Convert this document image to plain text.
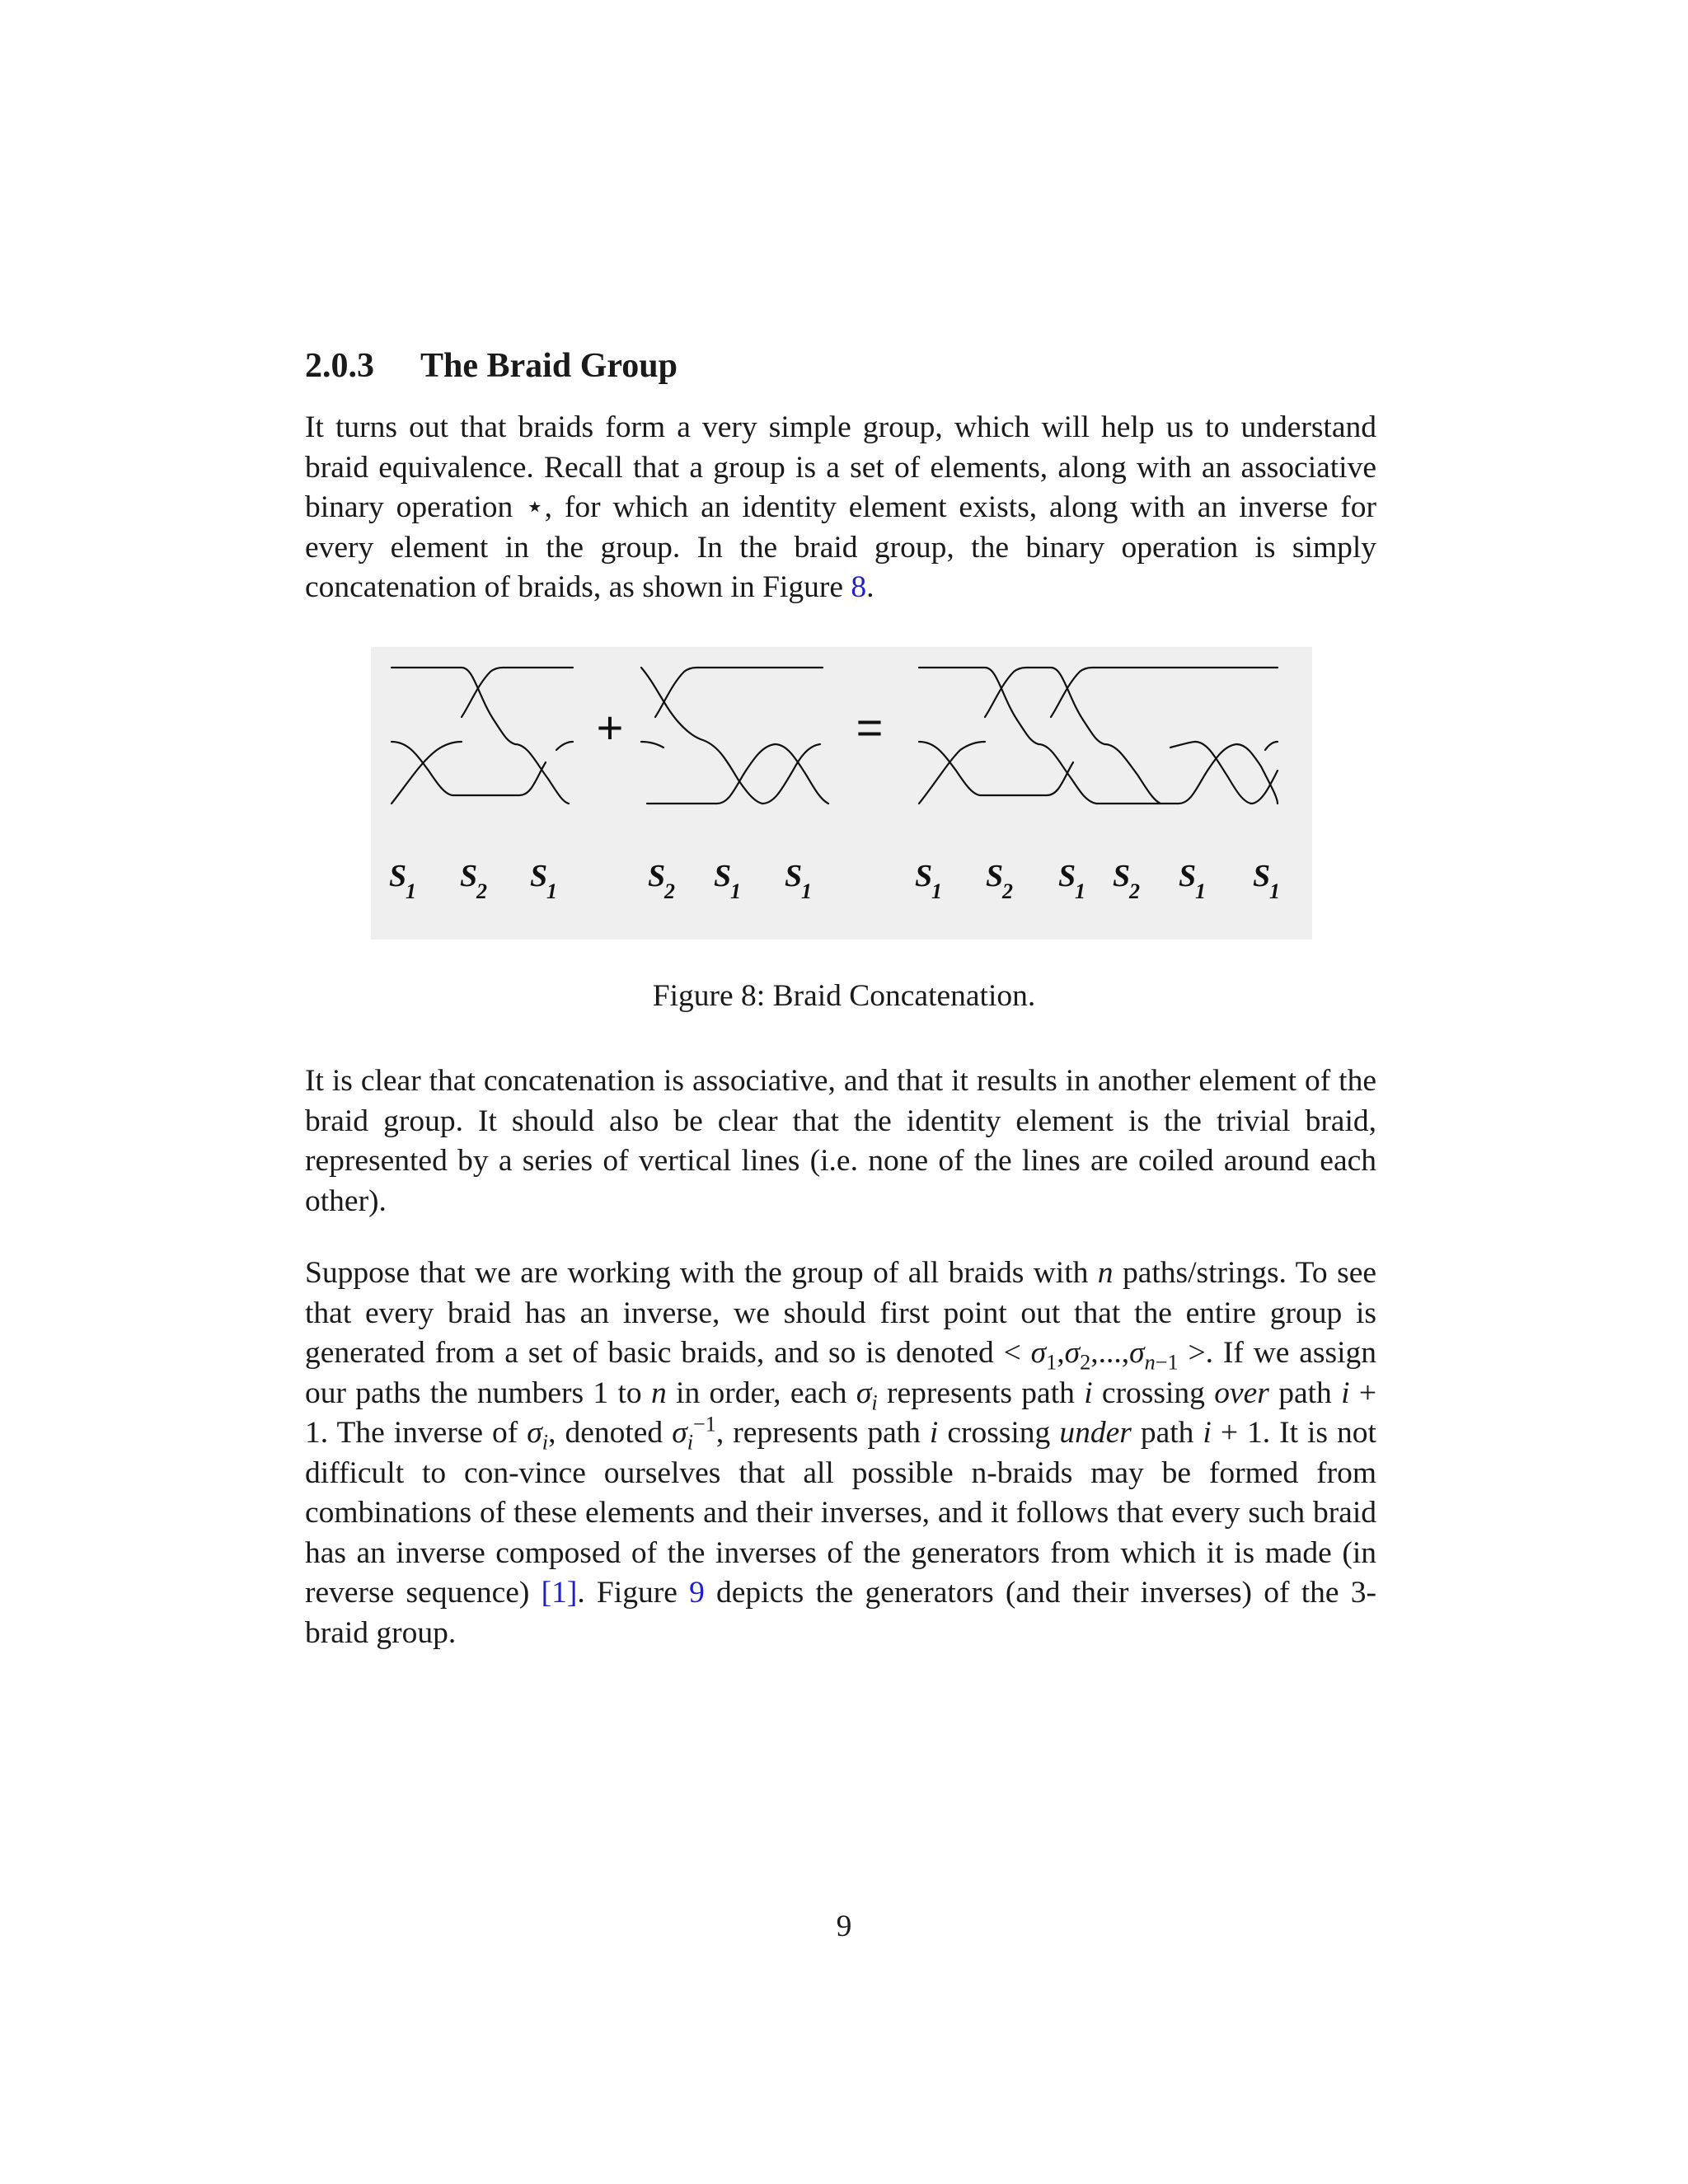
2.0.3 The Braid Group

It turns out that braids form a very simple group, which will help us to understand braid equivalence. Recall that a group is a set of elements, along with an associative binary operation ⋆, for which an identity element exists, along with an inverse for every element in the group. In the braid group, the binary operation is simply concatenation of braids, as shown in Figure 8.

+	=
S
1 S
2 S
1	S
2 S
1 S
1	S
1 S
2 S
1 S
2 S
1 S
1

Figure 8: Braid Concatenation.

It is clear that concatenation is associative, and that it results in another element of the braid group. It should also be clear that the identity element is the trivial braid, represented by a series of vertical lines (i.e. none of the lines are coiled around each other).

Suppose that we are working with the group of all braids with n paths/strings. To see that every braid has an inverse, we should first point out that the entire group is generated from a set of basic braids, and so is denoted < $\sigma_1,\sigma_2,...,\sigma_{n-1}$ >. If we assign our paths the numbers 1 to n in order, each $\sigma_i$ represents path i crossing over path i + 1. The inverse of $\sigma_i$, denoted $\sigma_i^{-1}$, represents path i crossing under path i + 1. It is not difficult to con-vince ourselves that all possible n-braids may be formed from combinations of these elements and their inverses, and it follows that every such braid has an inverse composed of the inverses of the generators from which it is made (in reverse sequence) [1]. Figure 9 depicts the generators (and their inverses) of the 3-braid group.

9
